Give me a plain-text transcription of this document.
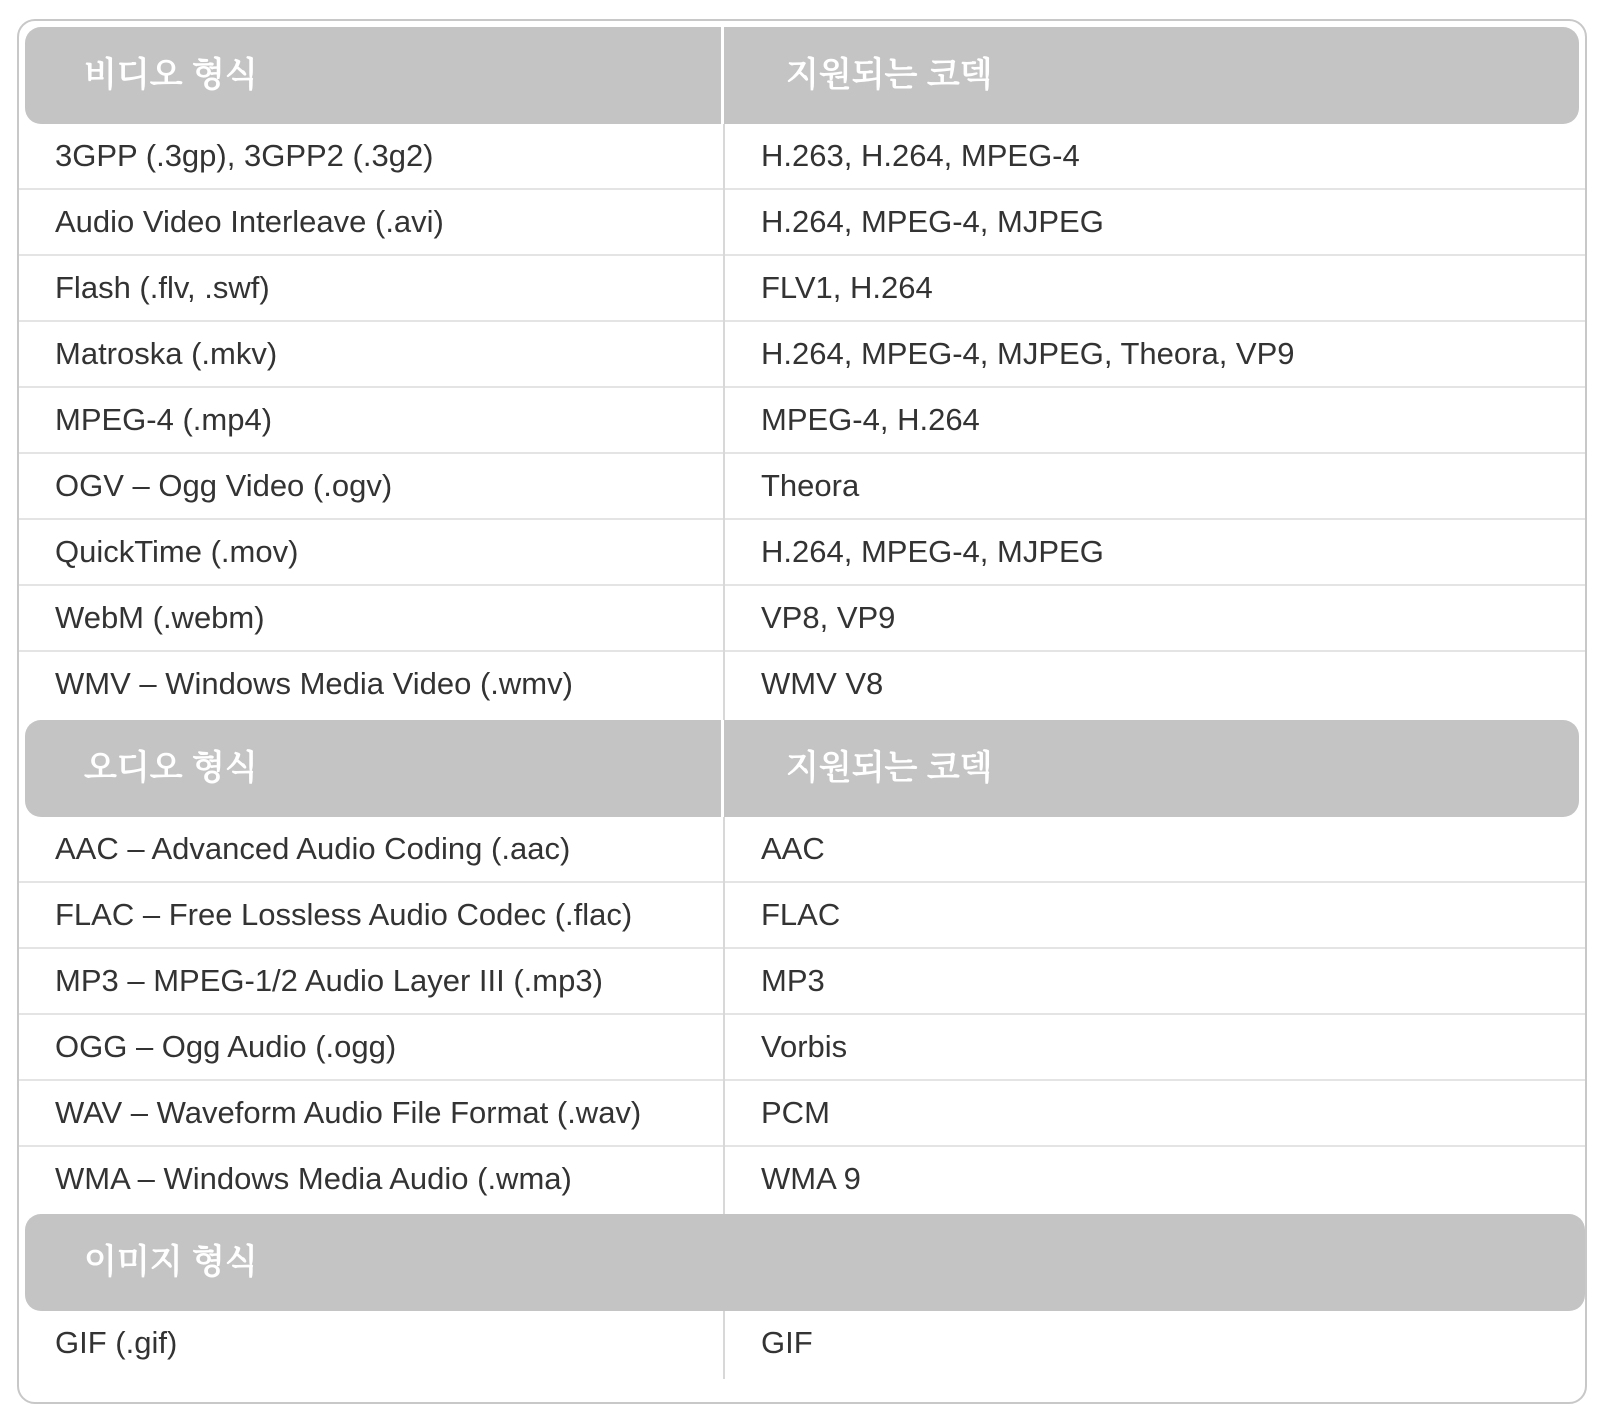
비디오 형식	지원되는 코덱
3GPP (.3gp), 3GPP2 (.3g2)	H.263, H.264, MPEG-4
Audio Video Interleave (.avi)	H.264, MPEG-4, MJPEG
Flash (.flv, .swf)	FLV1, H.264
Matroska (.mkv)	H.264, MPEG-4, MJPEG, Theora, VP9
MPEG-4 (.mp4)	MPEG-4, H.264
OGV – Ogg Video (.ogv)	Theora
QuickTime (.mov)	H.264, MPEG-4, MJPEG
WebM (.webm)	VP8, VP9
WMV – Windows Media Video (.wmv)	WMV V8
오디오 형식	지원되는 코덱
AAC – Advanced Audio Coding (.aac)	AAC
FLAC – Free Lossless Audio Codec (.flac)	FLAC
MP3 – MPEG-1/2 Audio Layer III (.mp3)	MP3
OGG – Ogg Audio (.ogg)	Vorbis
WAV – Waveform Audio File Format (.wav)	PCM
WMA – Windows Media Audio (.wma)	WMA 9
이미지 형식
GIF (.gif)	GIF
